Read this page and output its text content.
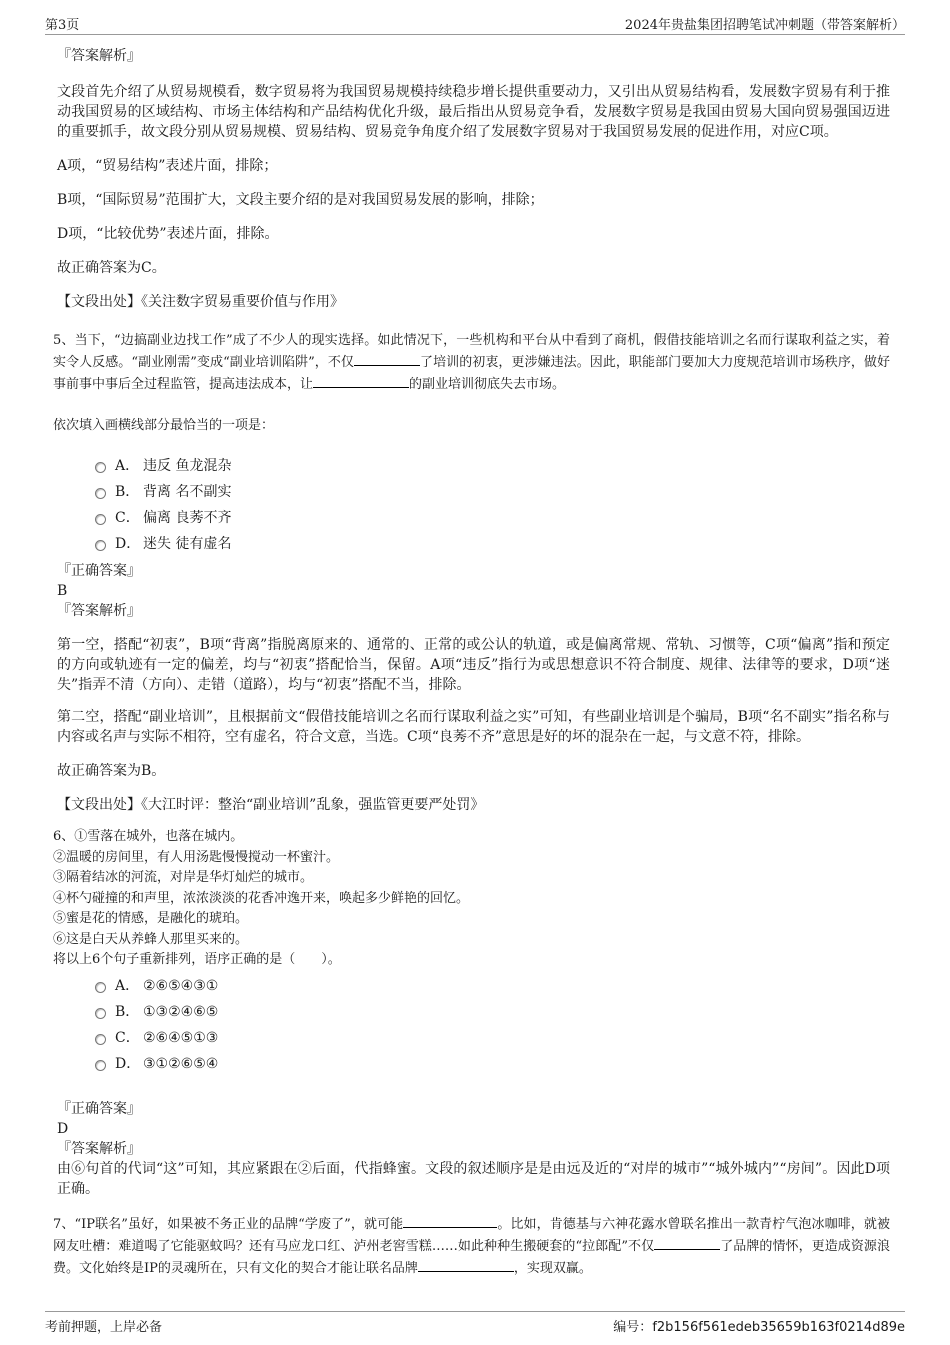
第3页	2024年贵盐集团招聘笔试冲刺题（带答案解析）
『答案解析』
文段首先介绍了从贸易规模看，数字贸易将为我国贸易规模持续稳步增长提供重要动力，又引出从贸易结构看，发展数字贸易有利于推动我国贸易的区域结构、市场主体结构和产品结构优化升级，最后指出从贸易竞争看，发展数字贸易是我国由贸易大国向贸易强国迈进的重要抓手，故文段分别从贸易规模、贸易结构、贸易竞争角度介绍了发展数字贸易对于我国贸易发展的促进作用，对应C项。
A项，“贸易结构”表述片面，排除；
B项，“国际贸易”范围扩大，文段主要介绍的是对我国贸易发展的影响，排除；
D项，“比较优势”表述片面，排除。
故正确答案为C。
【文段出处】《关注数字贸易重要价值与作用》
5、当下，“边搞副业边找工作”成了不少人的现实选择。如此情况下，一些机构和平台从中看到了商机，假借技能培训之名而行谋取利益之实，着实令人反感。“副业刚需”变成“副业培训陷阱”，不仅	了培训的初衷，更涉嫌违法。因此，职能部门要加大力度规范培训市场秩序，做好事前事中事后全过程监管，提高违法成本，让	的副业培训彻底失去市场。
依次填入画横线部分最恰当的一项是：
A． 违反 鱼龙混杂
B． 背离 名不副实
C． 偏离 良莠不齐
D． 迷失 徒有虚名
『正确答案』
B
『答案解析』
第一空，搭配“初衷”，B项“背离”指脱离原来的、通常的、正常的或公认的轨道，或是偏离常规、常轨、习惯等，C项“偏离”指和预定的方向或轨迹有一定的偏差，均与“初衷”搭配恰当，保留。A项“违反”指行为或思想意识不符合制度、规律、法律等的要求，D项“迷失”指弄不清（方向）、走错（道路），均与“初衷”搭配不当，排除。
第二空，搭配“副业培训”，且根据前文“假借技能培训之名而行谋取利益之实”可知，有些副业培训是个骗局，B项“名不副实”指名称与内容或名声与实际不相符，空有虚名，符合文意，当选。C项“良莠不齐”意思是好的坏的混杂在一起，与文意不符，排除。
故正确答案为B。
【文段出处】《大江时评：整治“副业培训”乱象，强监管更要严处罚》
6、①雪落在城外，也落在城内。
②温暖的房间里，有人用汤匙慢慢搅动一杯蜜汁。
③隔着结冰的河流，对岸是华灯灿烂的城市。
④杯勺碰撞的和声里，浓浓淡淡的花香冲逸开来，唤起多少鲜艳的回忆。
⑤蜜是花的情感，是融化的琥珀。
⑥这是白天从养蜂人那里买来的。
将以上6个句子重新排列，语序正确的是（　　）。
A． ②⑥⑤④③①
B． ①③②④⑥⑤
C． ②⑥④⑤①③
D． ③①②⑥⑤④
『正确答案』
D
『答案解析』
由⑥句首的代词“这”可知，其应紧跟在②后面，代指蜂蜜。文段的叙述顺序是是由远及近的“对岸的城市”“城外城内”“房间”。因此D项正确。
7、“IP联名”虽好，如果被不务正业的品牌“学废了”，就可能	。比如，肯德基与六神花露水曾联名推出一款青柠气泡冰咖啡，就被网友吐槽：难道喝了它能驱蚊吗？还有马应龙口红、泸州老窖雪糕……如此种种生搬硬套的“拉郎配”不仅	了品牌的情怀，更造成资源浪费。文化始终是IP的灵魂所在，只有文化的契合才能让联名品牌	，实现双赢。
考前押题，上岸必备	编号：f2b156f561edeb35659b163f0214d89e
